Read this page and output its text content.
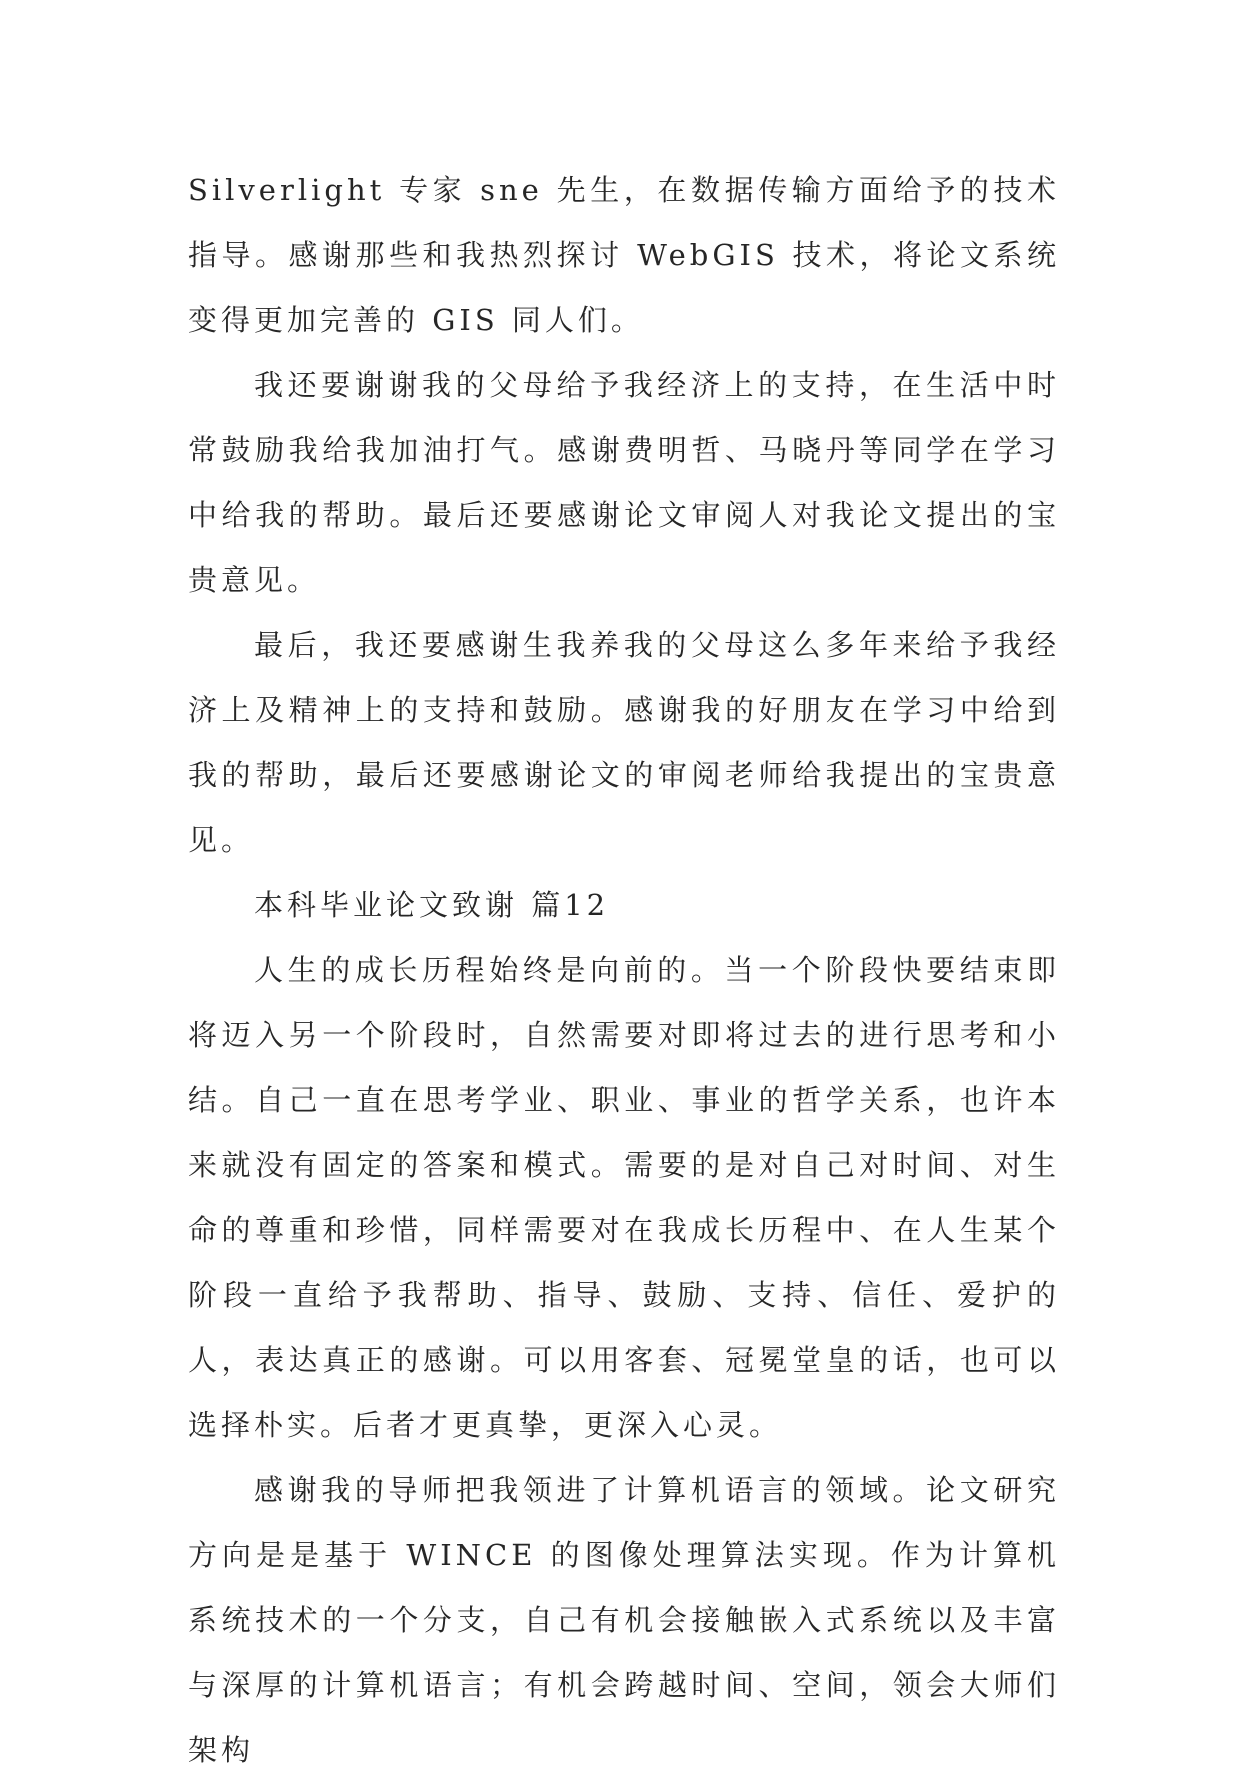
Silverlight 专家 sne 先生，在数据传输方面给予的技术指导。感谢那些和我热烈探讨 WebGIS 技术，将论文系统变得更加完善的 GIS 同人们。

我还要谢谢我的父母给予我经济上的支持，在生活中时常鼓励我给我加油打气。感谢费明哲、马晓丹等同学在学习中给我的帮助。最后还要感谢论文审阅人对我论文提出的宝贵意见。

最后，我还要感谢生我养我的父母这么多年来给予我经济上及精神上的支持和鼓励。感谢我的好朋友在学习中给到我的帮助，最后还要感谢论文的审阅老师给我提出的宝贵意见。

本科毕业论文致谢 篇12

人生的成长历程始终是向前的。当一个阶段快要结束即将迈入另一个阶段时，自然需要对即将过去的进行思考和小结。自己一直在思考学业、职业、事业的哲学关系，也许本来就没有固定的答案和模式。需要的是对自己对时间、对生命的尊重和珍惜，同样需要对在我成长历程中、在人生某个阶段一直给予我帮助、指导、鼓励、支持、信任、爱护的人，表达真正的感谢。可以用客套、冠冕堂皇的话，也可以选择朴实。后者才更真挚，更深入心灵。

感谢我的导师把我领进了计算机语言的领域。论文研究方向是是基于 WINCE 的图像处理算法实现。作为计算机系统技术的一个分支，自己有机会接触嵌入式系统以及丰富与深厚的计算机语言；有机会跨越时间、空间，领会大师们架构
